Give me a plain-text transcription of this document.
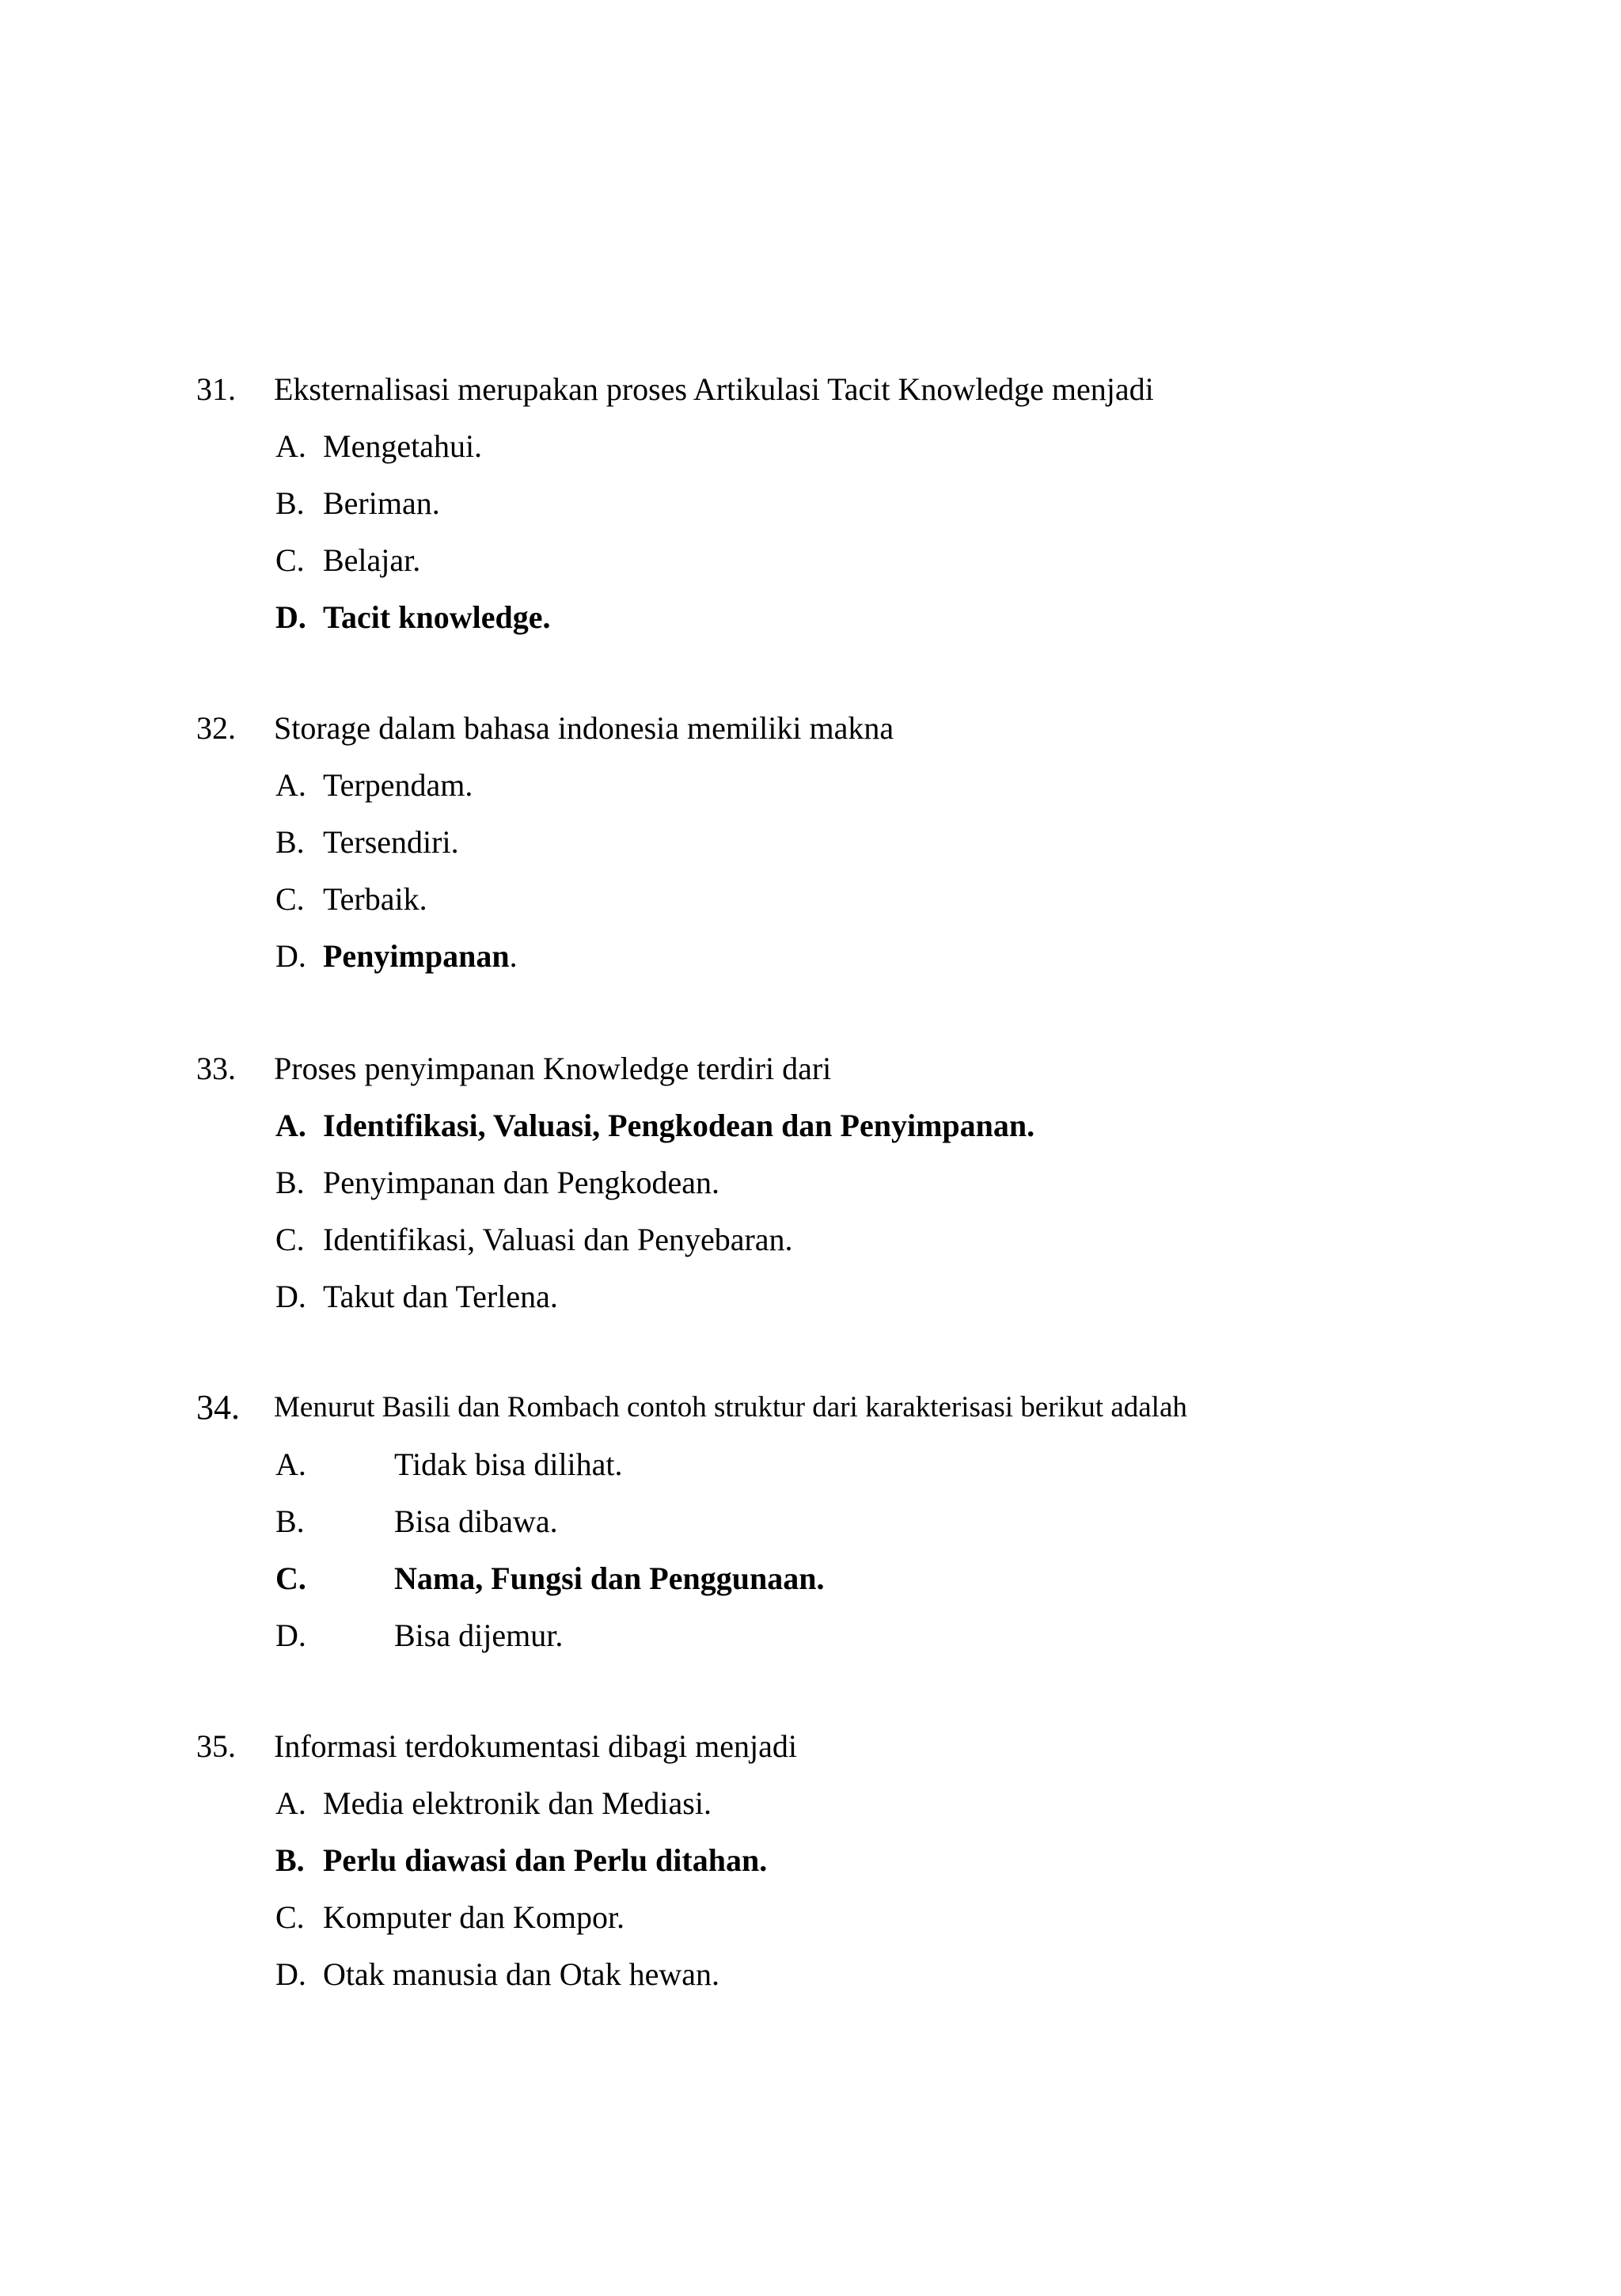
31. Eksternalisasi merupakan proses Artikulasi Tacit Knowledge menjadi
A. Mengetahui.
B. Beriman.
C. Belajar.
D. Tacit knowledge.
32. Storage dalam bahasa indonesia memiliki makna
A. Terpendam.
B. Tersendiri.
C. Terbaik.
D. Penyimpanan.
33. Proses penyimpanan Knowledge terdiri dari
A. Identifikasi, Valuasi, Pengkodean dan Penyimpanan.
B. Penyimpanan dan Pengkodean.
C. Identifikasi, Valuasi dan Penyebaran.
D. Takut dan Terlena.
34. Menurut Basili dan Rombach contoh struktur dari karakterisasi berikut adalah
A.	Tidak bisa dilihat.
B.	Bisa dibawa.
C.	Nama, Fungsi dan Penggunaan.
D.	Bisa dijemur.
35. Informasi terdokumentasi dibagi menjadi
A. Media elektronik dan Mediasi.
B. Perlu diawasi dan Perlu ditahan.
C. Komputer dan Kompor.
D. Otak manusia dan Otak hewan.
